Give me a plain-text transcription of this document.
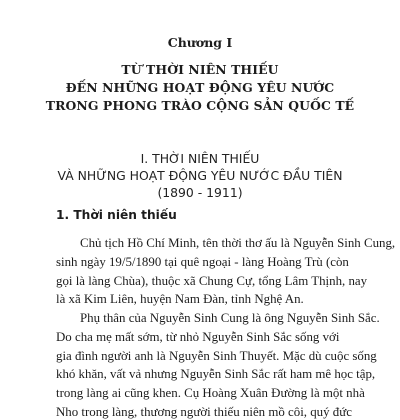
Chương I
TỪ THỜI NIÊN THIẾU
ĐẾN NHỮNG HOẠT ĐỘNG YÊU NƯỚC
TRONG PHONG TRÀO CỘNG SẢN QUỐC TẾ
I. THỜI NIÊN THIẾU
VÀ NHỮNG HOẠT ĐỘNG YÊU NƯỚC ĐẦU TIÊN
(1890 - 1911)
1. Thời niên thiếu
Chủ tịch Hồ Chí Minh, tên thời thơ ấu là Nguyễn Sinh Cung,
sinh ngày 19/5/1890 tại quê ngoại - làng Hoàng Trù (còn
gọi là làng Chùa), thuộc xã Chung Cự, tổng Lâm Thịnh, nay
là xã Kim Liên, huyện Nam Đàn, tỉnh Nghệ An.
Phụ thân của Nguyễn Sinh Cung là ông Nguyễn Sinh Sắc.
Do cha mẹ mất sớm, từ nhỏ Nguyễn Sinh Sắc sống với
gia đình người anh là Nguyễn Sinh Thuyết. Mặc dù cuộc sống
khó khăn, vất vả nhưng Nguyễn Sinh Sắc rất ham mê học tập,
trong làng ai cũng khen. Cụ Hoàng Xuân Đường là một nhà
Nho trong làng, thương người thiếu niên mồ côi, quý đức
